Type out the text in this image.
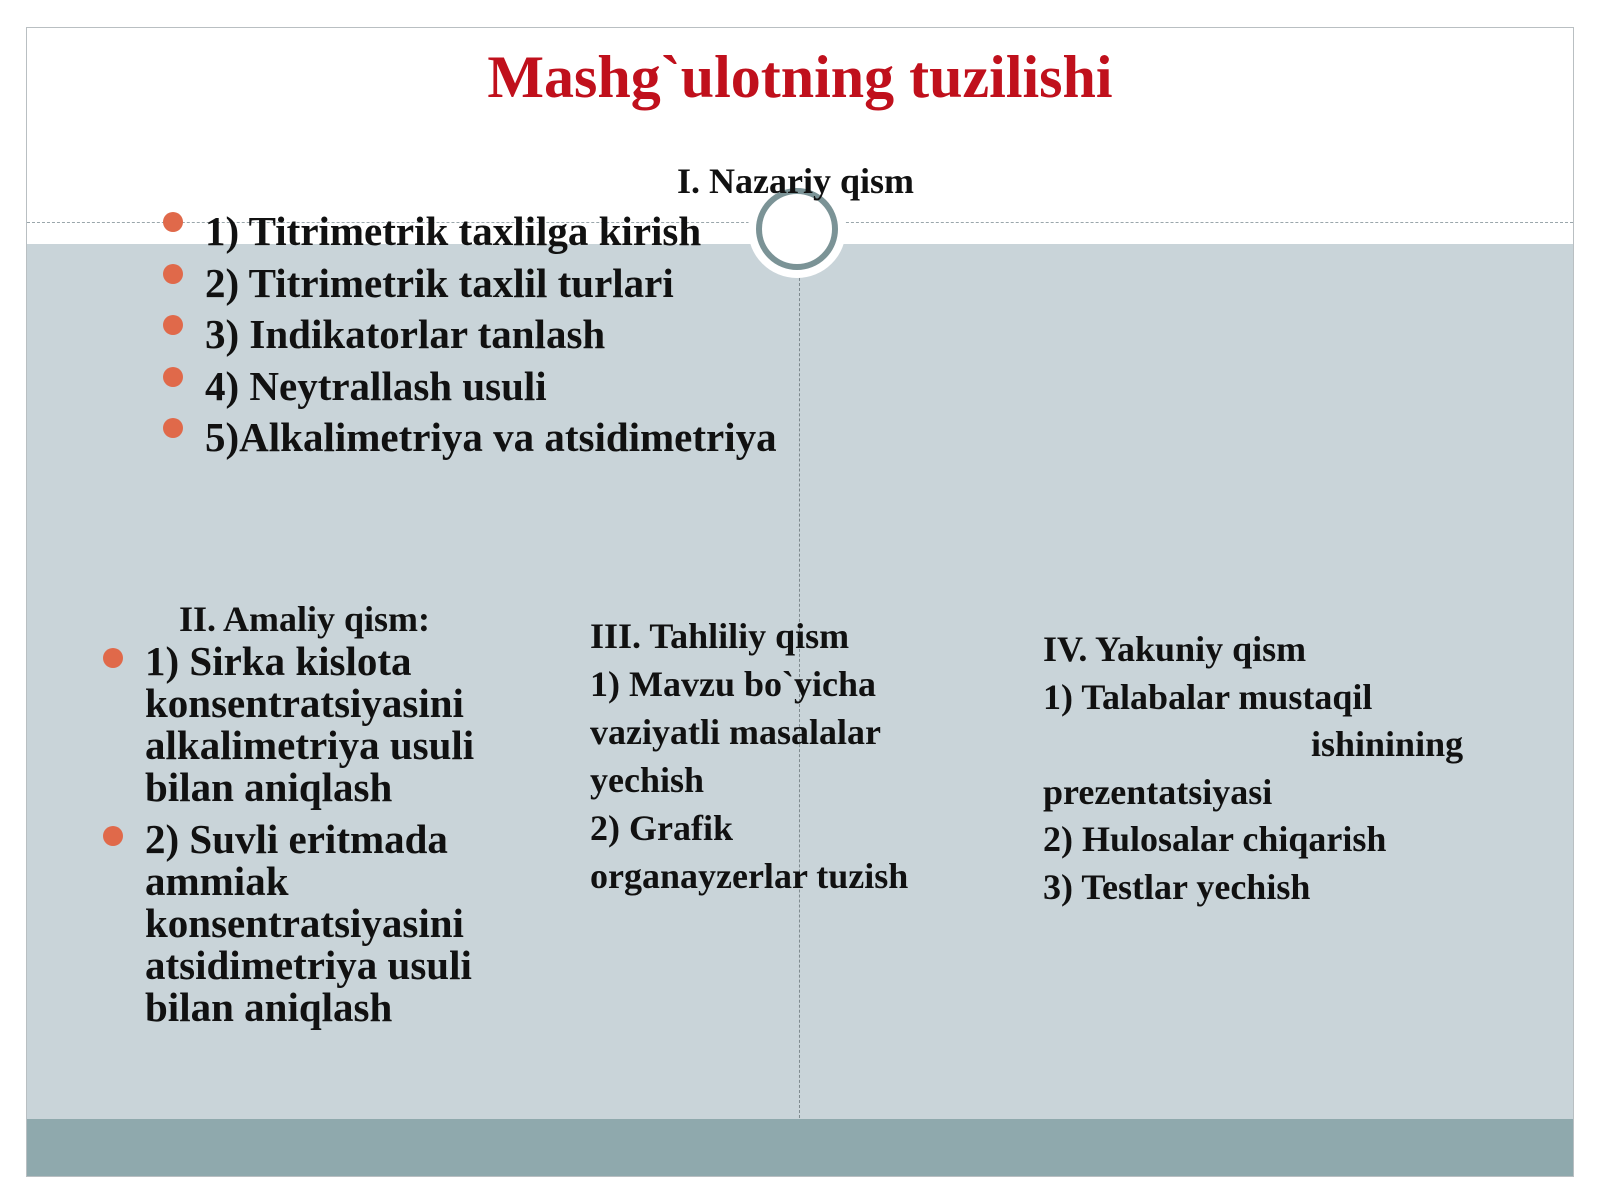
Mashg`ulotning tuzilishi
I. Nazariy qism
1) Titrimetrik taxlilga kirish
2) Titrimetrik taxlil turlari
3) Indikatorlar tanlash
4) Neytrallash usuli
5)Alkalimetriya va atsidimetriya
II. Amaliy qism:
1) Sirka kislota konsentratsiyasini alkalimetriya usuli bilan aniqlash
2) Suvli eritmada ammiak konsentratsiyasini atsidimetriya usuli bilan aniqlash
III. Tahliliy qism
1) Mavzu bo`yicha
vaziyatli masalalar
yechish
2) Grafik
organayzerlar tuzish
IV. Yakuniy qism
1) Talabalar mustaqil
ishinining
prezentatsiyasi
2) Hulosalar chiqarish
3) Testlar yechish
